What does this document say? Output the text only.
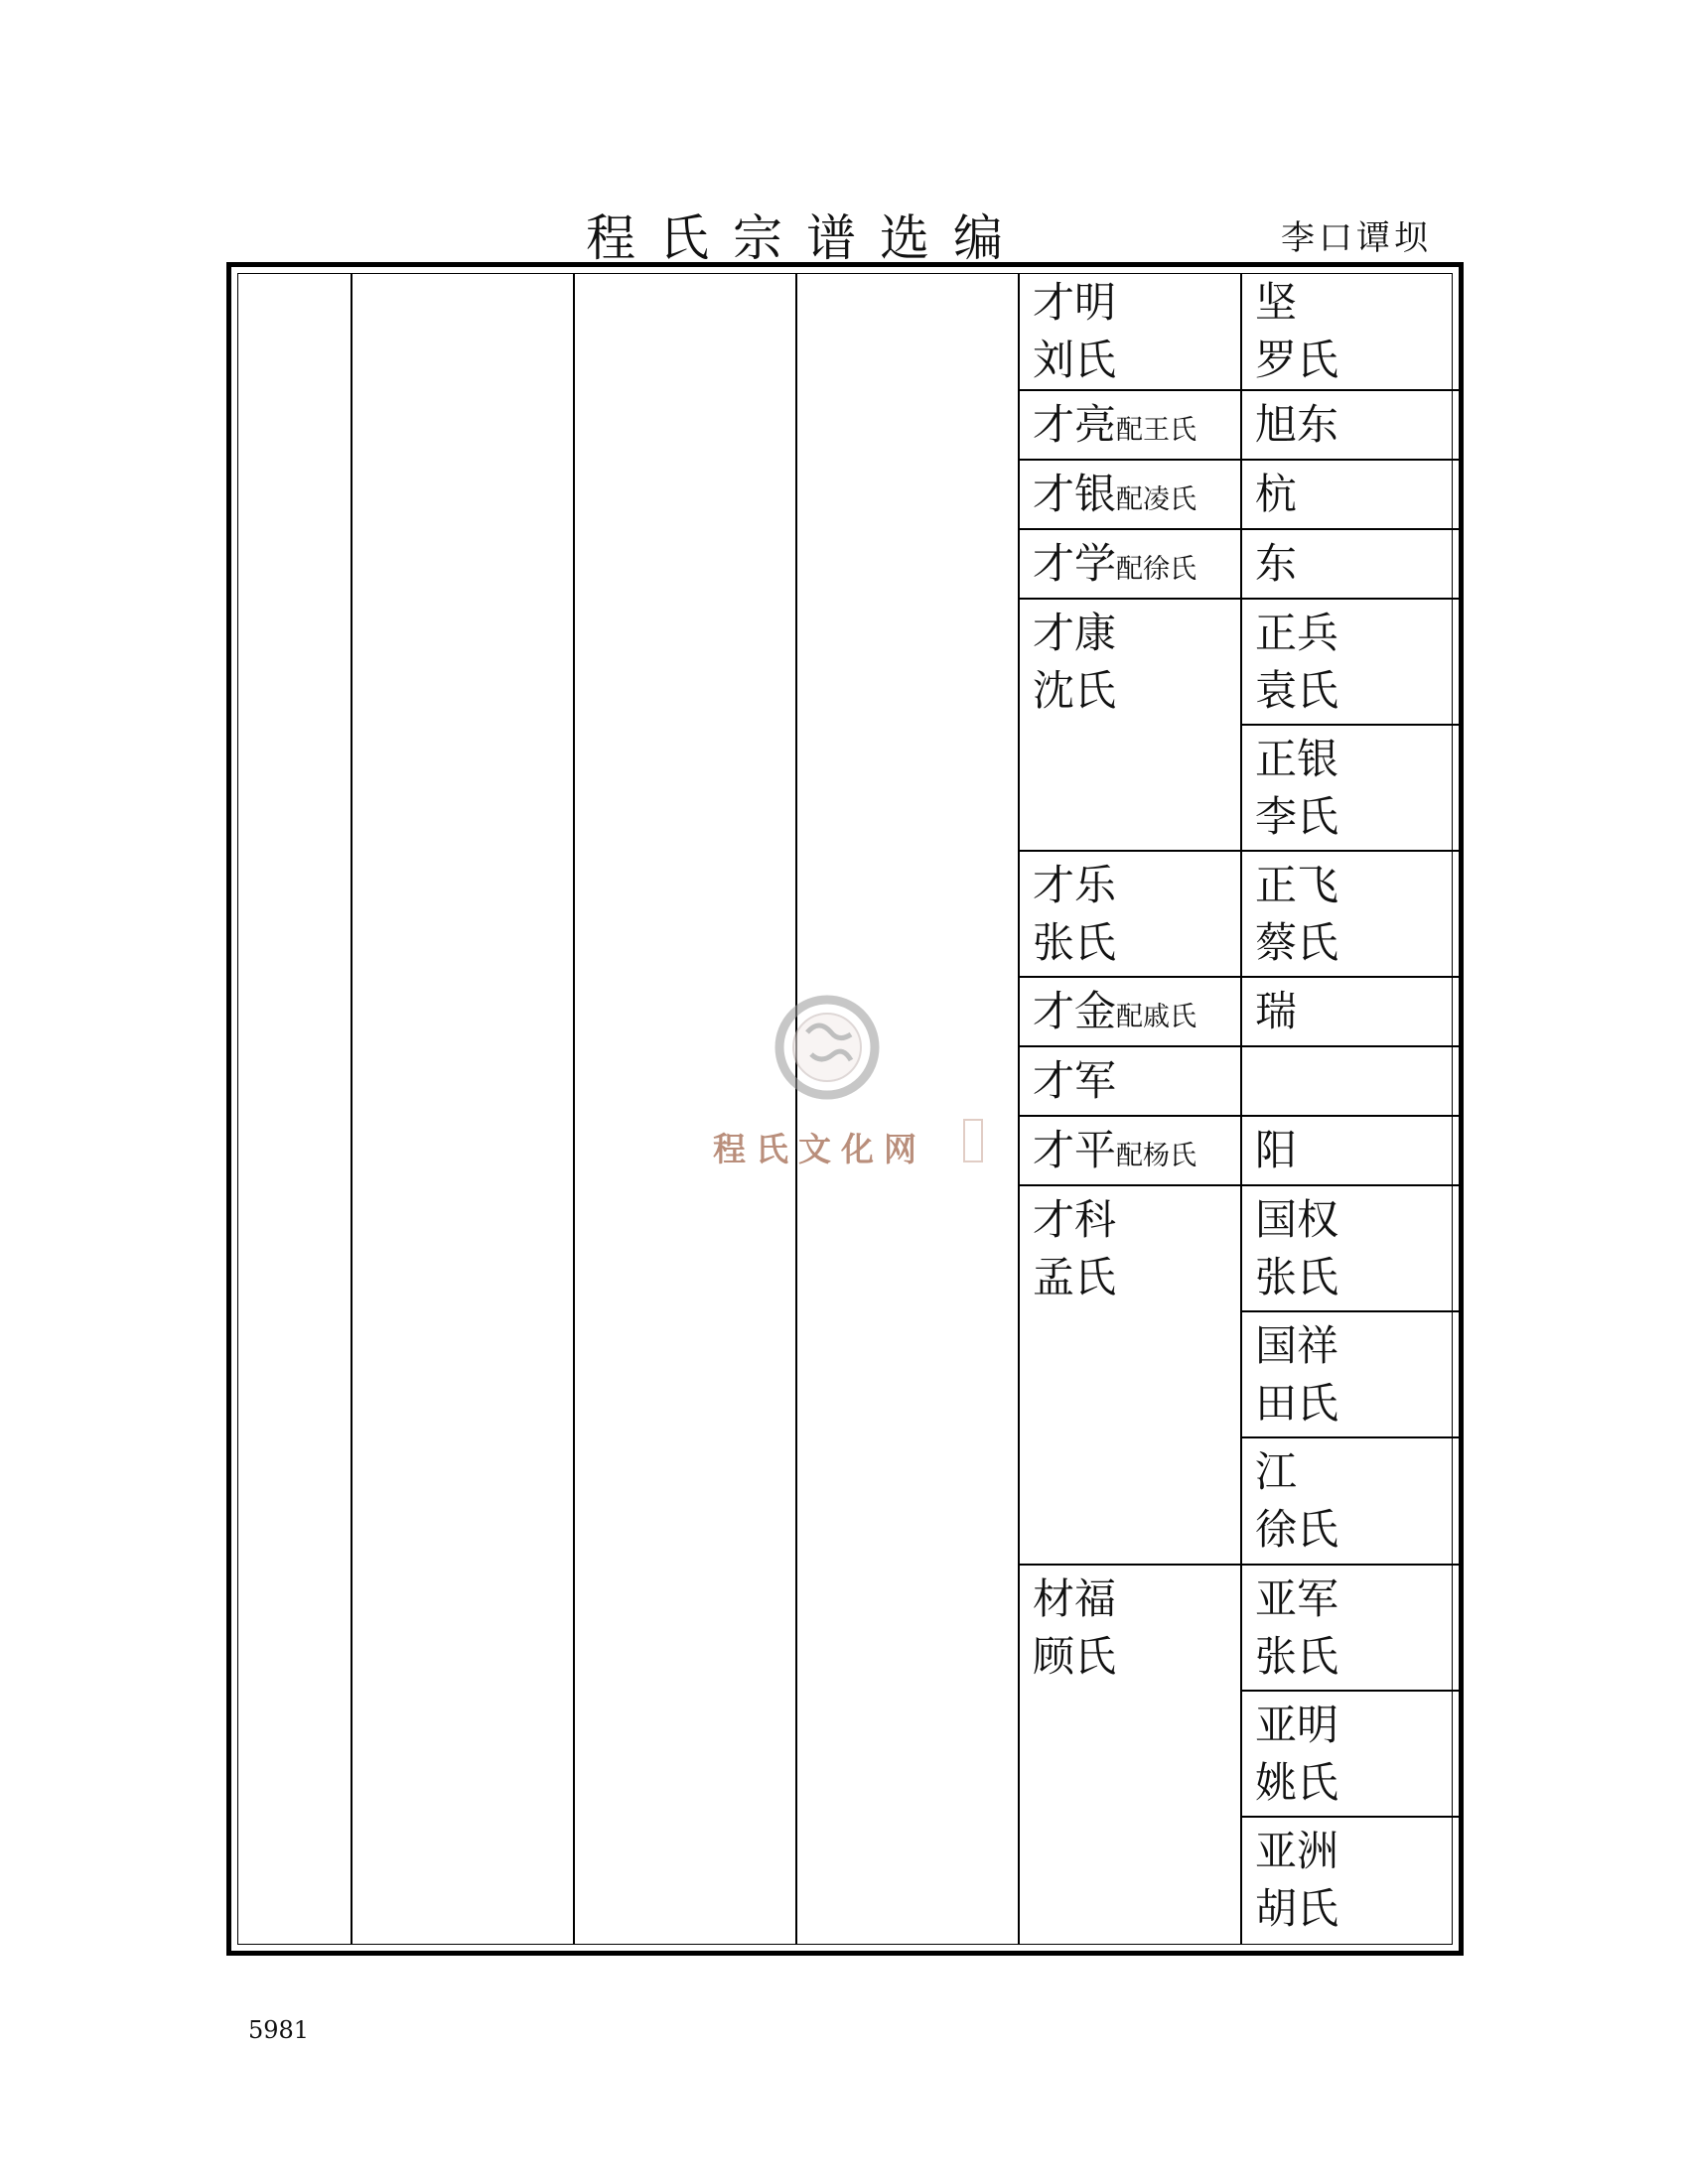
程氏宗谱选编	李口谭坝
才明
刘氏
才亮配王氏
才银配凌氏
才学配徐氏
才康
沈氏
才乐
张氏
才金配戚氏
才军
才平配杨氏
才科
孟氏
材福
顾氏
坚
罗氏
旭东
杭
东
正兵
袁氏
正银
李氏
正飞
蔡氏
瑞
阳
国权
张氏
国祥
田氏
江
徐氏
亚军
张氏
亚明
姚氏
亚洲
胡氏
程氏文化网
5981
